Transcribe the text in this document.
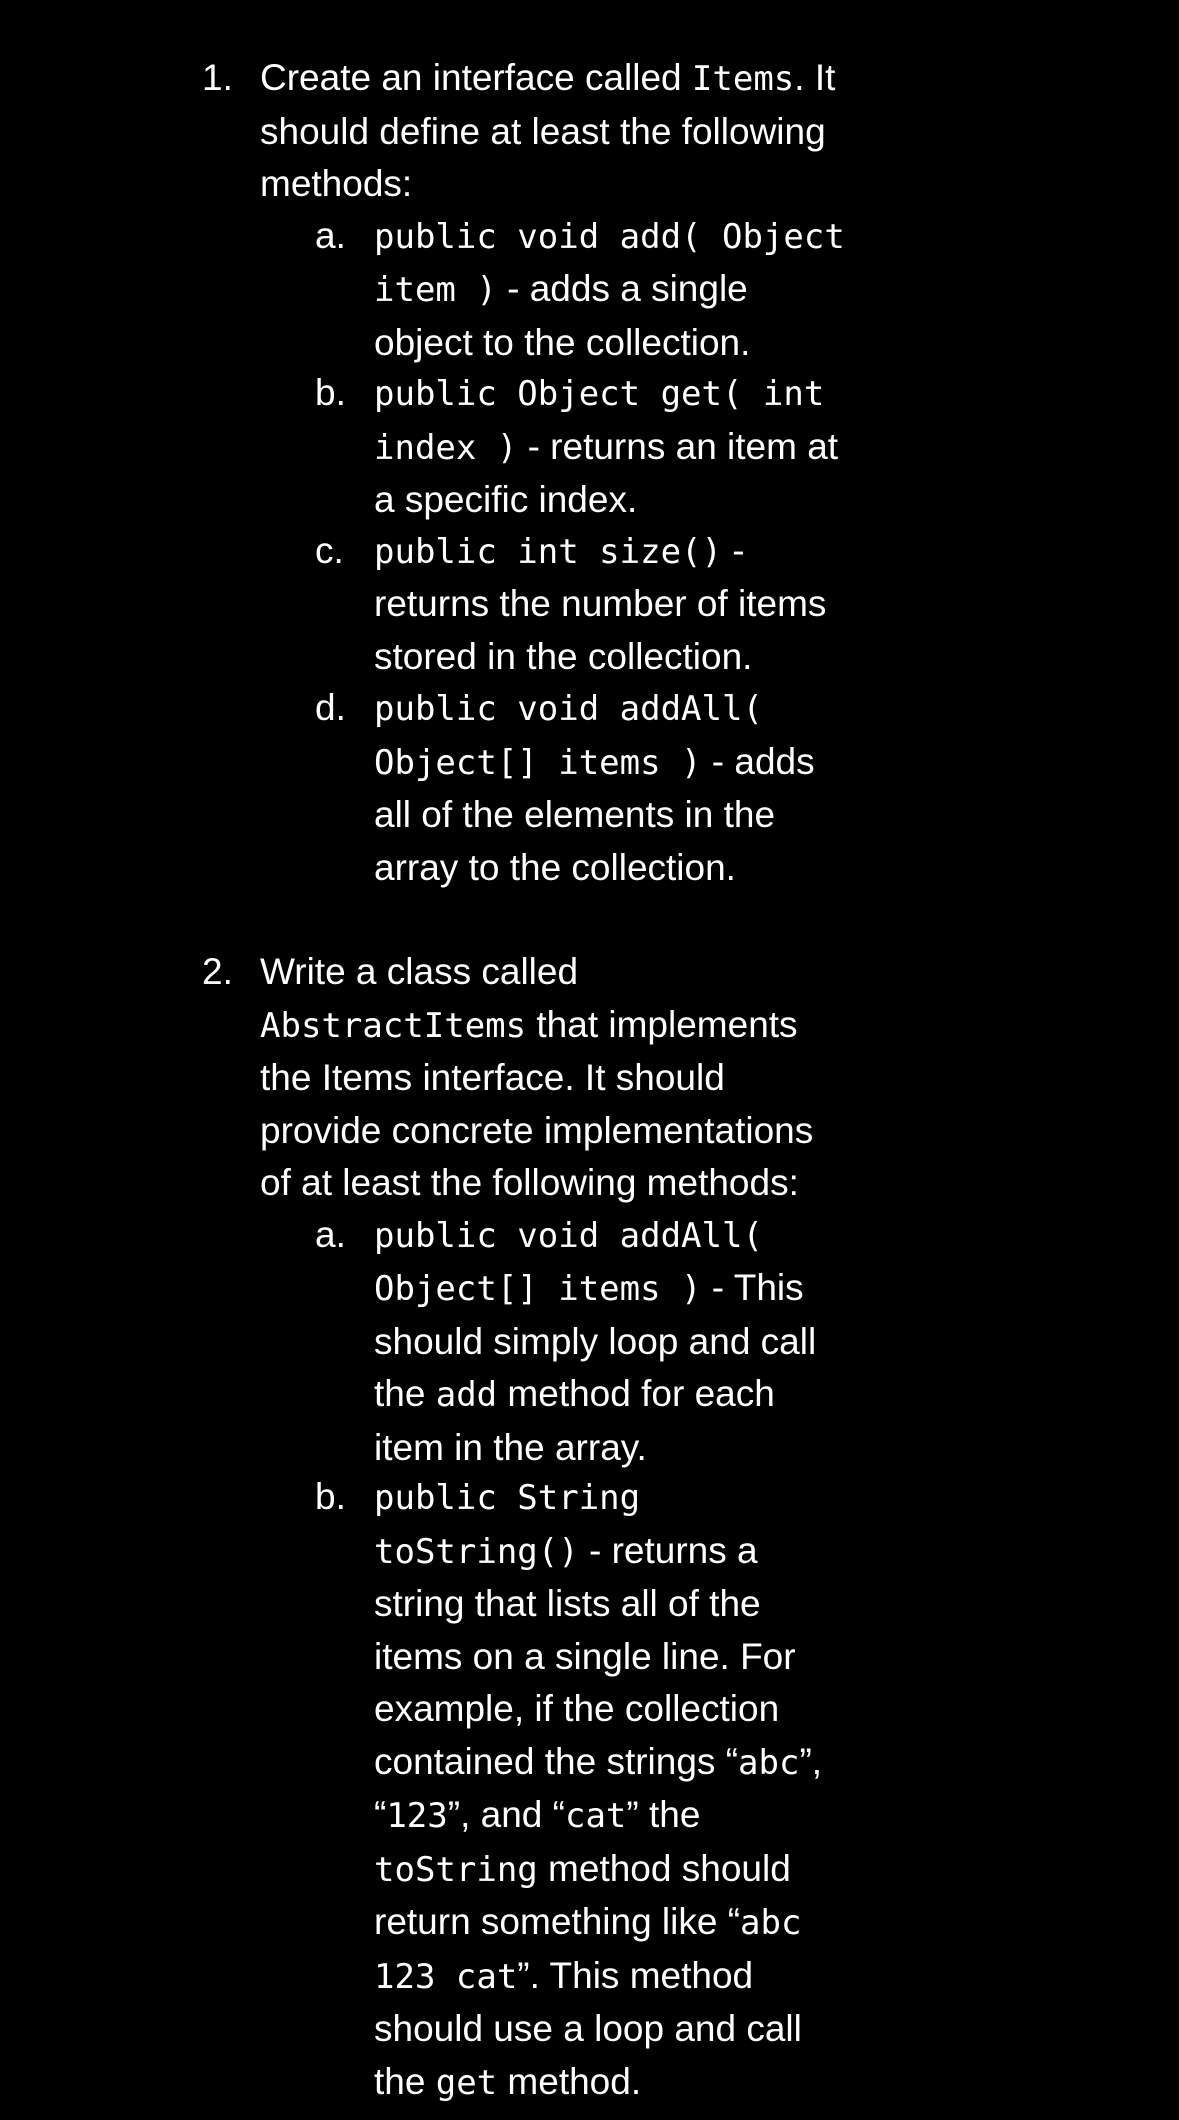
1. Create an interface called Items. It
should define at least the following
methods:
a. public void add( Object
item ) - adds a single
object to the collection.
b. public Object get( int
index ) - returns an item at
a specific index.
c. public int size() -
returns the number of items
stored in the collection.
d. public void addAll(
Object[] items ) - adds
all of the elements in the
array to the collection.
2. Write a class called
AbstractItems that implements
the Items interface. It should
provide concrete implementations
of at least the following methods:
a. public void addAll(
Object[] items ) - This
should simply loop and call
the add method for each
item in the array.
b. public String
toString() - returns a
string that lists all of the
items on a single line. For
example, if the collection
contained the strings “abc”,
“123”, and “cat” the
toString method should
return something like “abc
123 cat”. This method
should use a loop and call
the get method.
